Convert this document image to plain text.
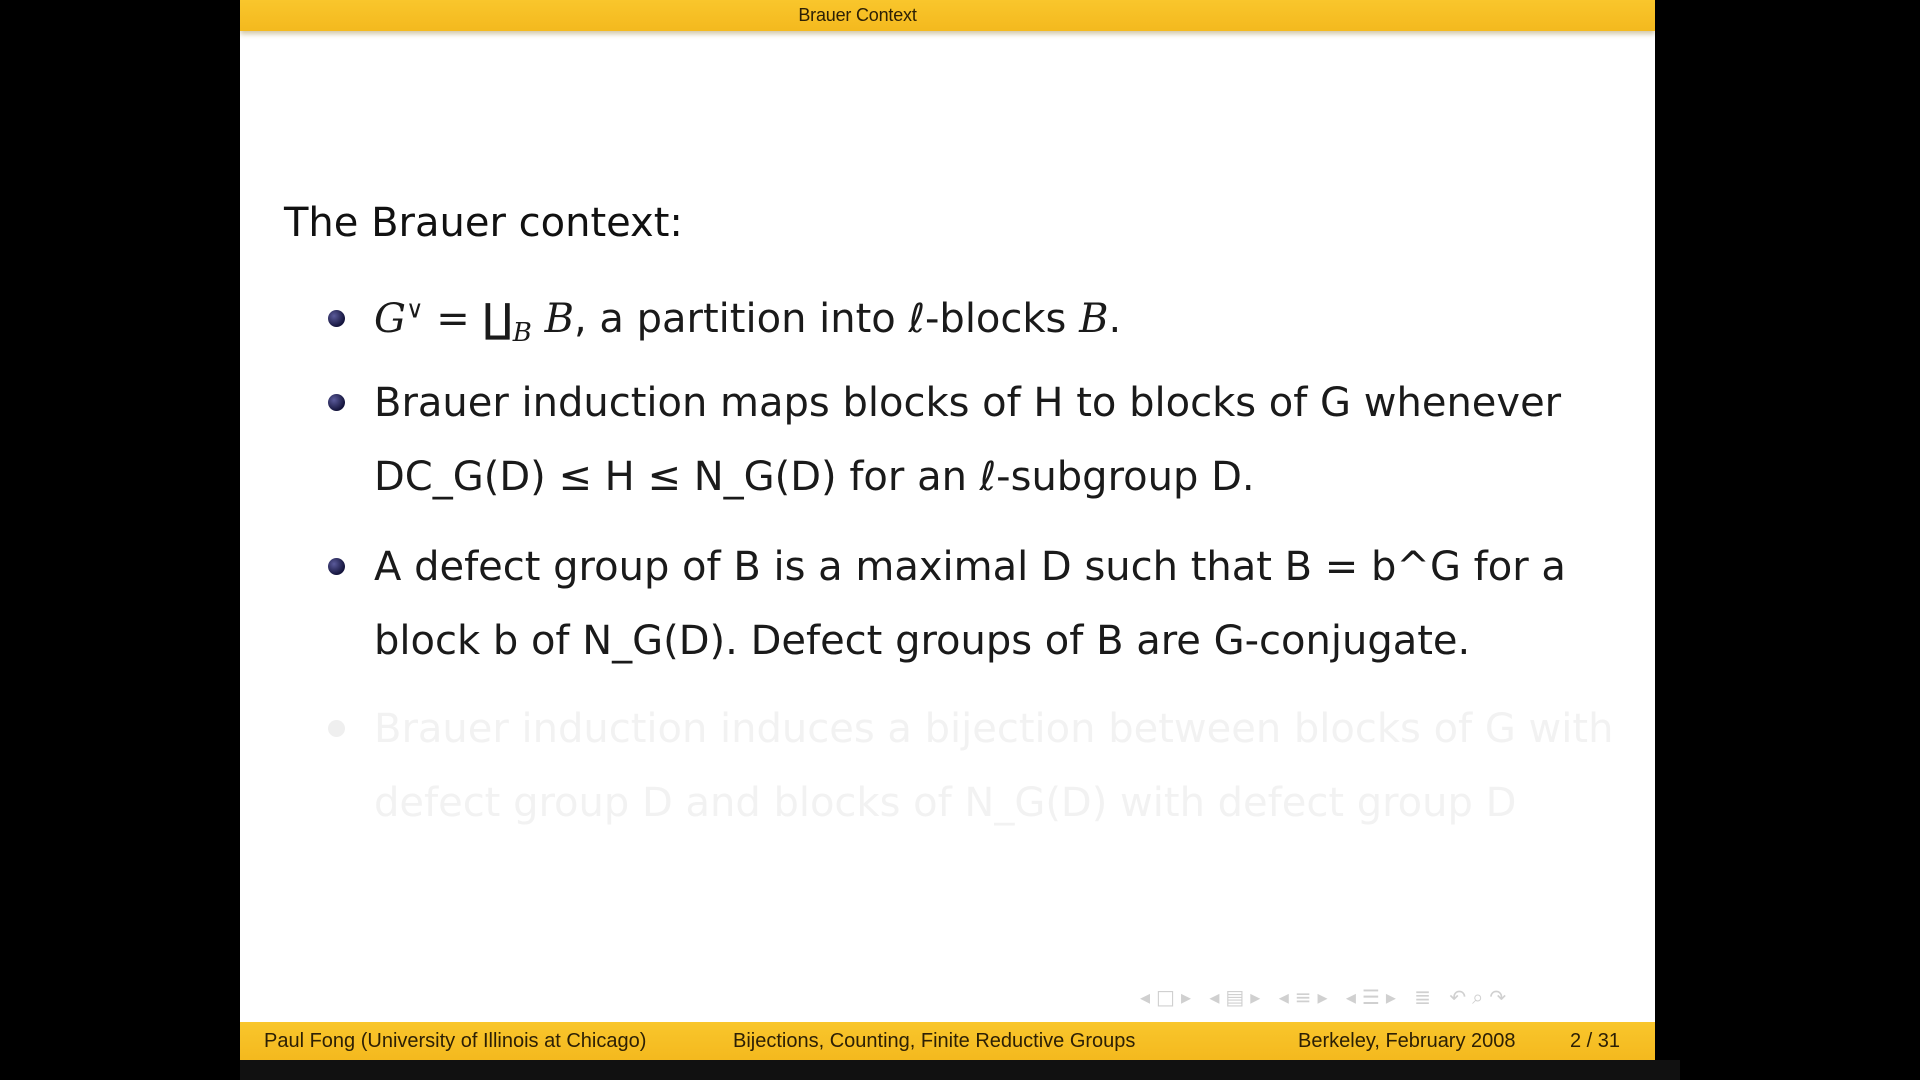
Brauer Context
The Brauer context:
$G^\vee = ∐_B$ B, a partition into ℓ-blocks B.
Brauer induction maps blocks of H to blocks of G whenever DC_G(D) ≤ H ≤ N_G(D) for an ℓ-subgroup D.
A defect group of B is a maximal D such that B = b^G for a block b of N_G(D). Defect groups of B are G-conjugate.
Brauer induction induces a bijection between blocks of G with defect group D and blocks of N_G(D) with defect group D
◂□▸ ◂▤▸ ◂≡▸ ◂☰▸ ≣ ↶⌕↷
Paul Fong (University of Illinois at Chicago)	Bijections, Counting, Finite Reductive Groups	Berkeley, February 2008	2 / 31
